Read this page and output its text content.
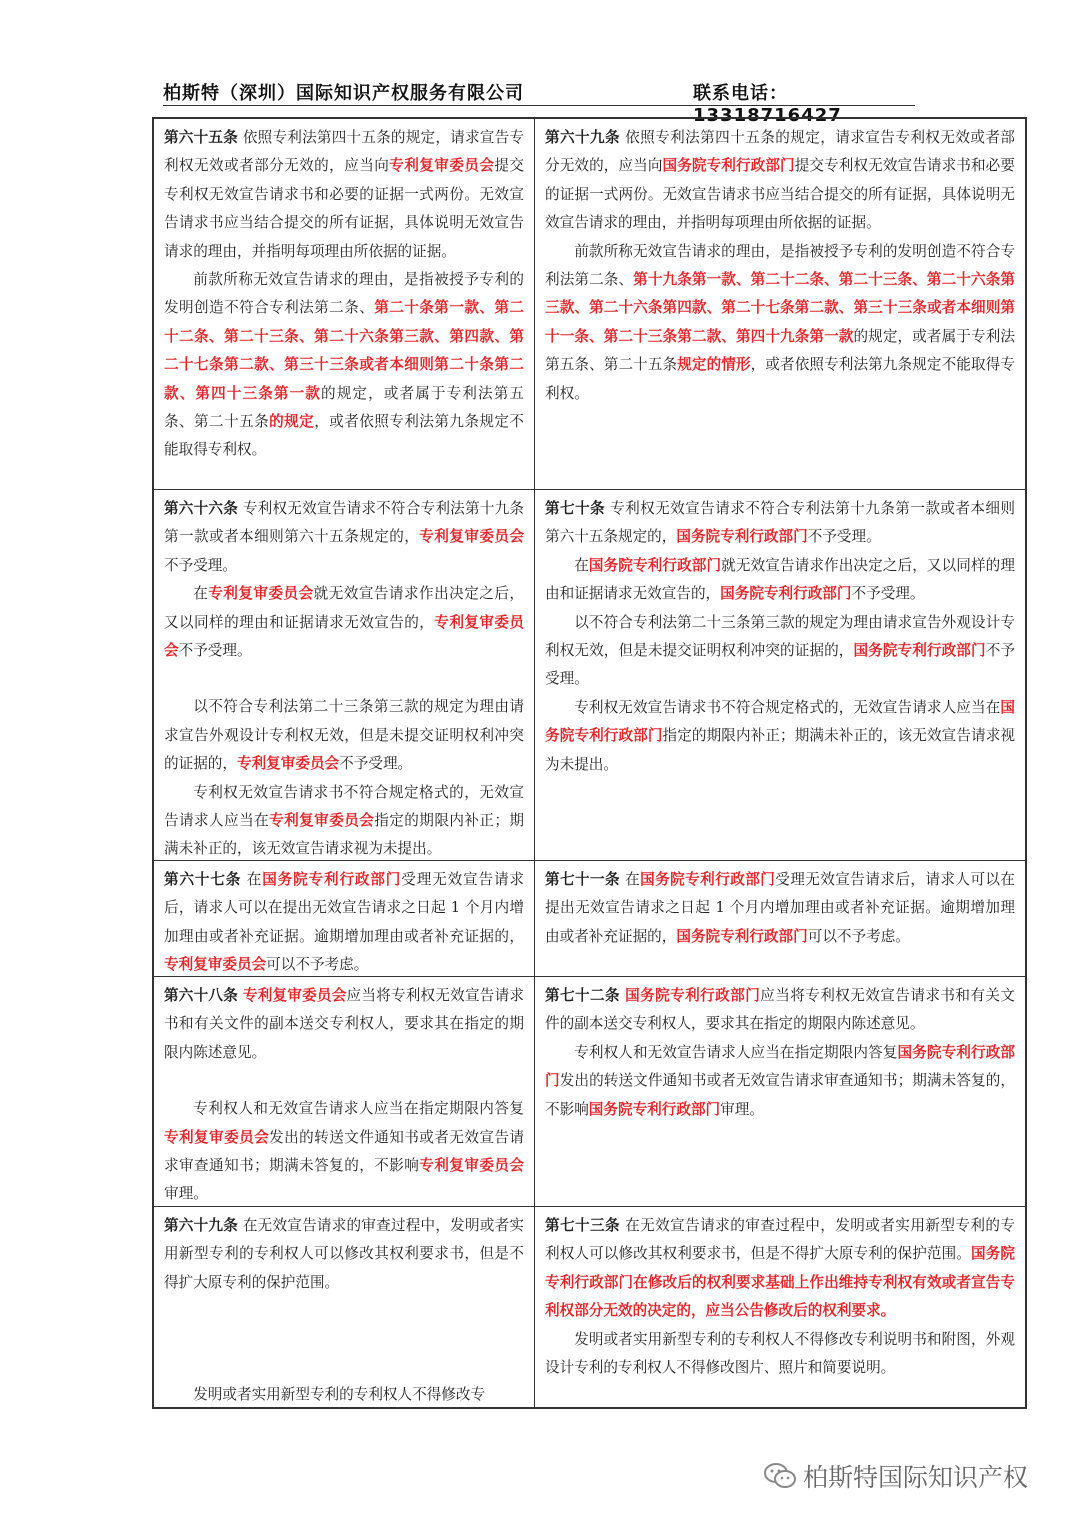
柏斯特（深圳）国际知识产权服务有限公司	联系电话：13318716427

第六十五条 依照专利法第四十五条的规定，请求宣告专利权无效或者部分无效的，应当向专利复审委员会提交专利权无效宣告请求书和必要的证据一式两份。无效宣告请求书应当结合提交的所有证据，具体说明无效宣告请求的理由，并指明每项理由所依据的证据。

前款所称无效宣告请求的理由，是指被授予专利的发明创造不符合专利法第二条、第二十条第一款、第二十二条、第二十三条、第二十六条第三款、第四款、第二十七条第二款、第三十三条或者本细则第二十条第二款、第四十三条第一款的规定，或者属于专利法第五条、第二十五条的规定，或者依照专利法第九条规定不能取得专利权。

第六十九条 依照专利法第四十五条的规定，请求宣告专利权无效或者部分无效的，应当向国务院专利行政部门提交专利权无效宣告请求书和必要的证据一式两份。无效宣告请求书应当结合提交的所有证据，具体说明无效宣告请求的理由，并指明每项理由所依据的证据。

前款所称无效宣告请求的理由，是指被授予专利的发明创造不符合专利法第二条、第十九条第一款、第二十二条、第二十三条、第二十六条第三款、第二十六条第四款、第二十七条第二款、第三十三条或者本细则第十一条、第二十三条第二款、第四十九条第一款的规定，或者属于专利法第五条、第二十五条规定的情形，或者依照专利法第九条规定不能取得专利权。

第六十六条 专利权无效宣告请求不符合专利法第十九条第一款或者本细则第六十五条规定的，专利复审委员会不予受理。

在专利复审委员会就无效宣告请求作出决定之后，又以同样的理由和证据请求无效宣告的，专利复审委员会不予受理。

以不符合专利法第二十三条第三款的规定为理由请求宣告外观设计专利权无效，但是未提交证明权利冲突的证据的，专利复审委员会不予受理。

专利权无效宣告请求书不符合规定格式的，无效宣告请求人应当在专利复审委员会指定的期限内补正；期满未补正的，该无效宣告请求视为未提出。

第七十条 专利权无效宣告请求不符合专利法第十九条第一款或者本细则第六十五条规定的，国务院专利行政部门不予受理。

在国务院专利行政部门就无效宣告请求作出决定之后，又以同样的理由和证据请求无效宣告的，国务院专利行政部门不予受理。

以不符合专利法第二十三条第三款的规定为理由请求宣告外观设计专利权无效，但是未提交证明权利冲突的证据的，国务院专利行政部门不予受理。

专利权无效宣告请求书不符合规定格式的，无效宣告请求人应当在国务院专利行政部门指定的期限内补正；期满未补正的，该无效宣告请求视为未提出。

第六十七条 在国务院专利行政部门受理无效宣告请求后，请求人可以在提出无效宣告请求之日起 1 个月内增加理由或者补充证据。逾期增加理由或者补充证据的，专利复审委员会可以不予考虑。

第七十一条 在国务院专利行政部门受理无效宣告请求后，请求人可以在提出无效宣告请求之日起 1 个月内增加理由或者补充证据。逾期增加理由或者补充证据的，国务院专利行政部门可以不予考虑。

第六十八条 专利复审委员会应当将专利权无效宣告请求书和有关文件的副本送交专利权人，要求其在指定的期限内陈述意见。

专利权人和无效宣告请求人应当在指定期限内答复专利复审委员会发出的转送文件通知书或者无效宣告请求审查通知书；期满未答复的，不影响专利复审委员会审理。

第七十二条 国务院专利行政部门应当将专利权无效宣告请求书和有关文件的副本送交专利权人，要求其在指定的期限内陈述意见。

专利权人和无效宣告请求人应当在指定期限内答复国务院专利行政部门发出的转送文件通知书或者无效宣告请求审查通知书；期满未答复的，不影响国务院专利行政部门审理。

第六十九条 在无效宣告请求的审查过程中，发明或者实用新型专利的专利权人可以修改其权利要求书，但是不得扩大原专利的保护范围。

发明或者实用新型专利的专利权人不得修改专

第七十三条 在无效宣告请求的审查过程中，发明或者实用新型专利的专利权人可以修改其权利要求书，但是不得扩大原专利的保护范围。国务院专利行政部门在修改后的权利要求基础上作出维持专利权有效或者宣告专利权部分无效的决定的，应当公告修改后的权利要求。

发明或者实用新型专利的专利权人不得修改专利说明书和附图，外观设计专利的专利权人不得修改图片、照片和简要说明。

柏斯特国际知识产权
